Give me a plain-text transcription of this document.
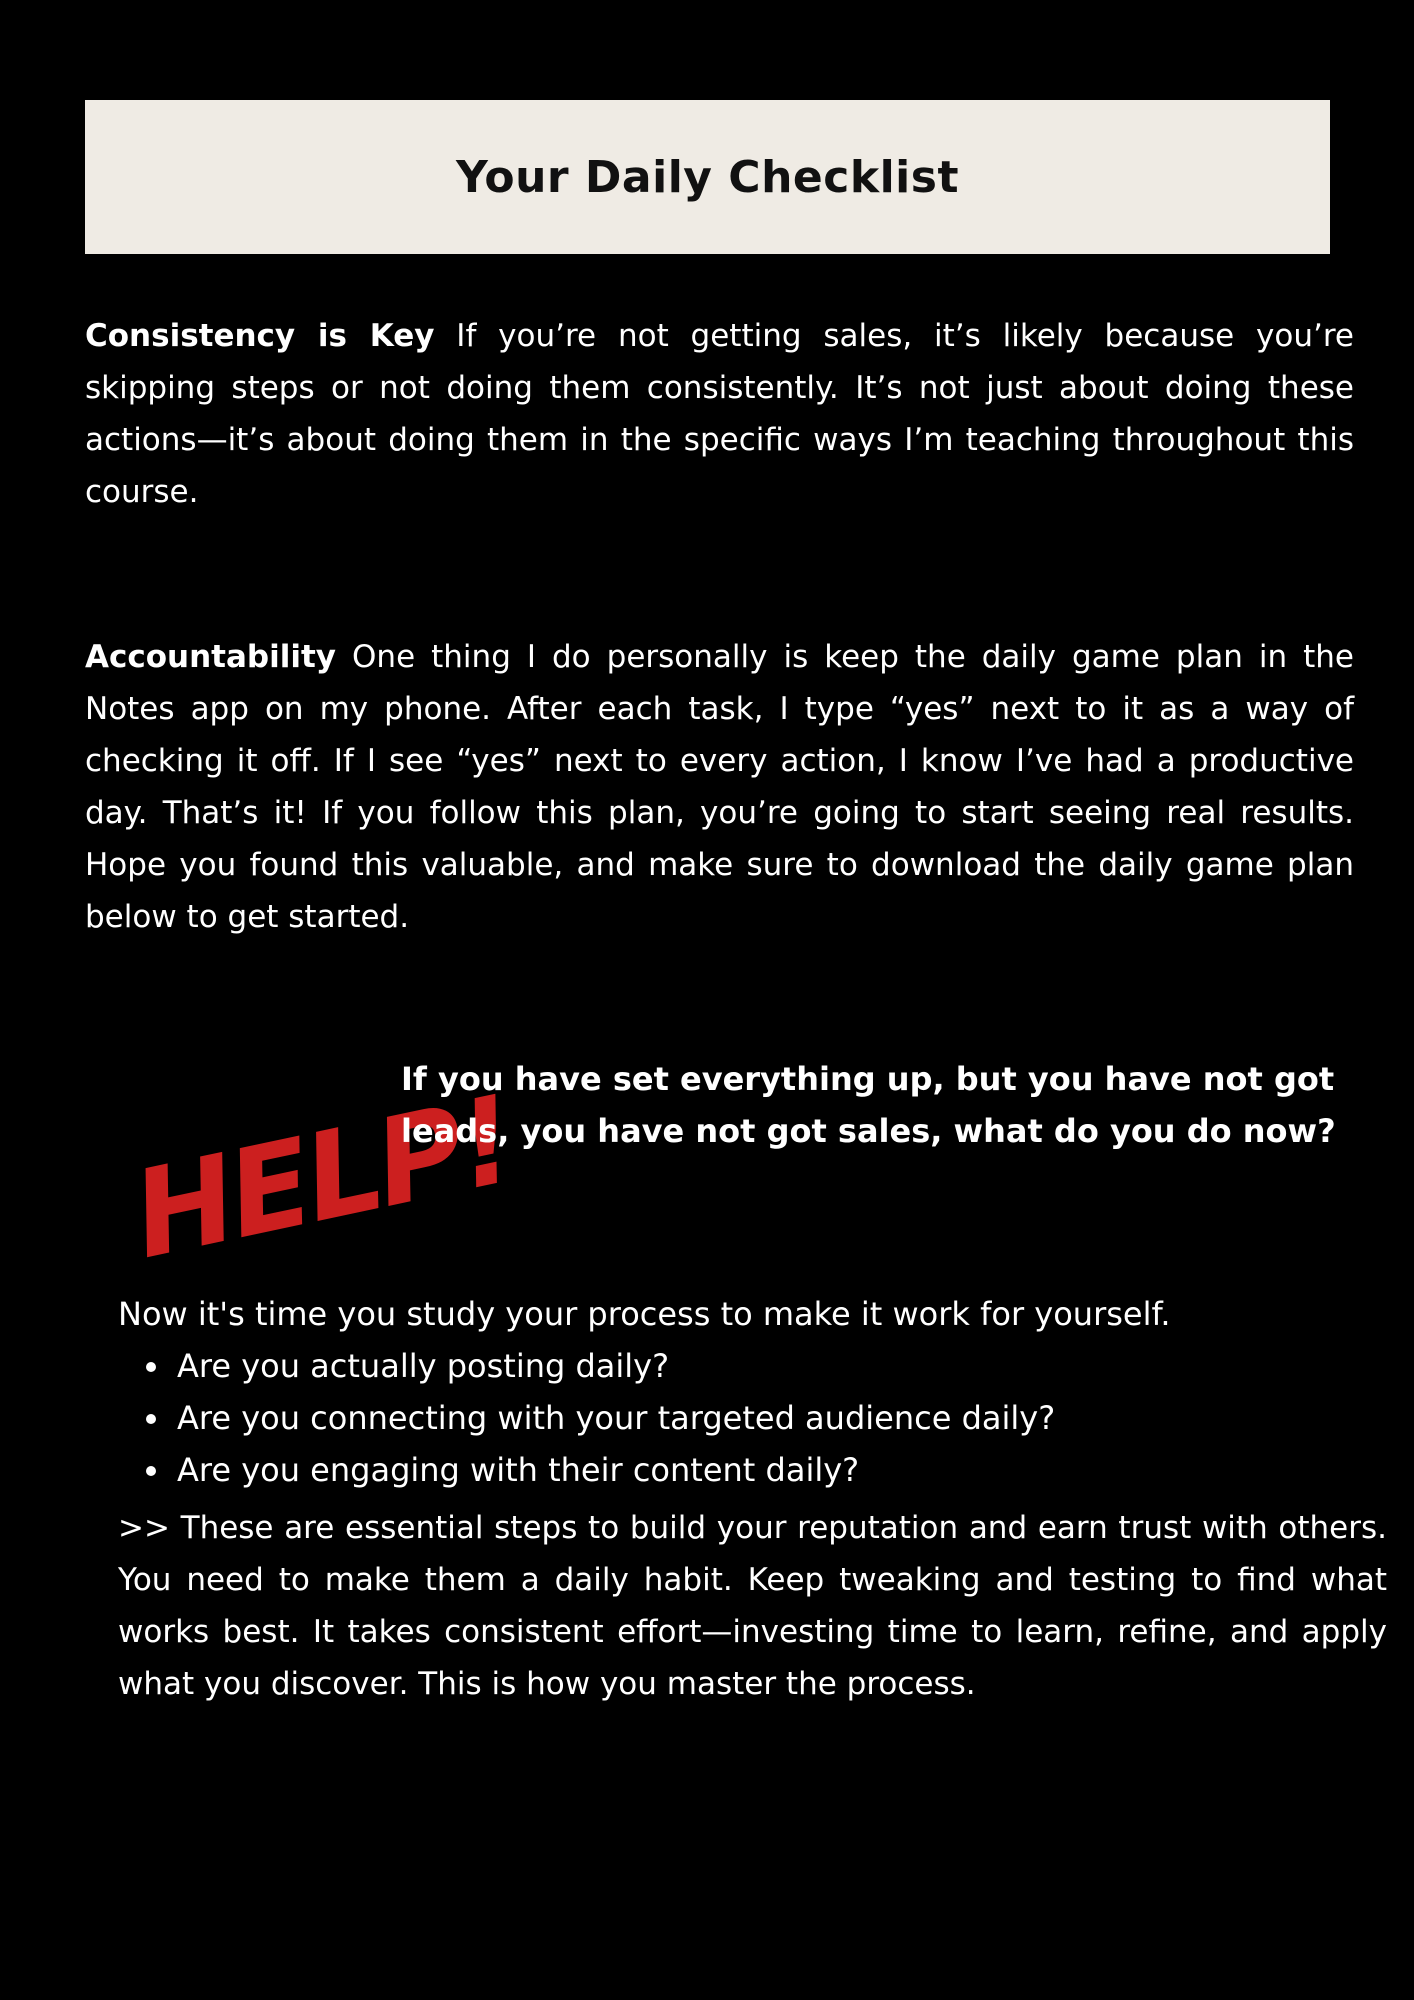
Your Daily Checklist

Consistency is Key If you’re not getting sales, it’s likely because you’re skipping steps or not doing them consistently. It’s not just about doing these actions—it’s about doing them in the specific ways I’m teaching throughout this course.

Accountability One thing I do personally is keep the daily game plan in the Notes app on my phone. After each task, I type “yes” next to it as a way of checking it off. If I see “yes” next to every action, I know I’ve had a productive day. That’s it! If you follow this plan, you’re going to start seeing real results. Hope you found this valuable, and make sure to download the daily game plan below to get started.

HELP!

If you have set everything up, but you have not got leads, you have not got sales, what do you do now?

Now it's time you study your process to make it work for yourself.

Are you actually posting daily?
Are you connecting with your targeted audience daily?
Are you engaging with their content daily?

>> These are essential steps to build your reputation and earn trust with others. You need to make them a daily habit. Keep tweaking and testing to find what works best. It takes consistent effort—investing time to learn, refine, and apply what you discover. This is how you master the process.
